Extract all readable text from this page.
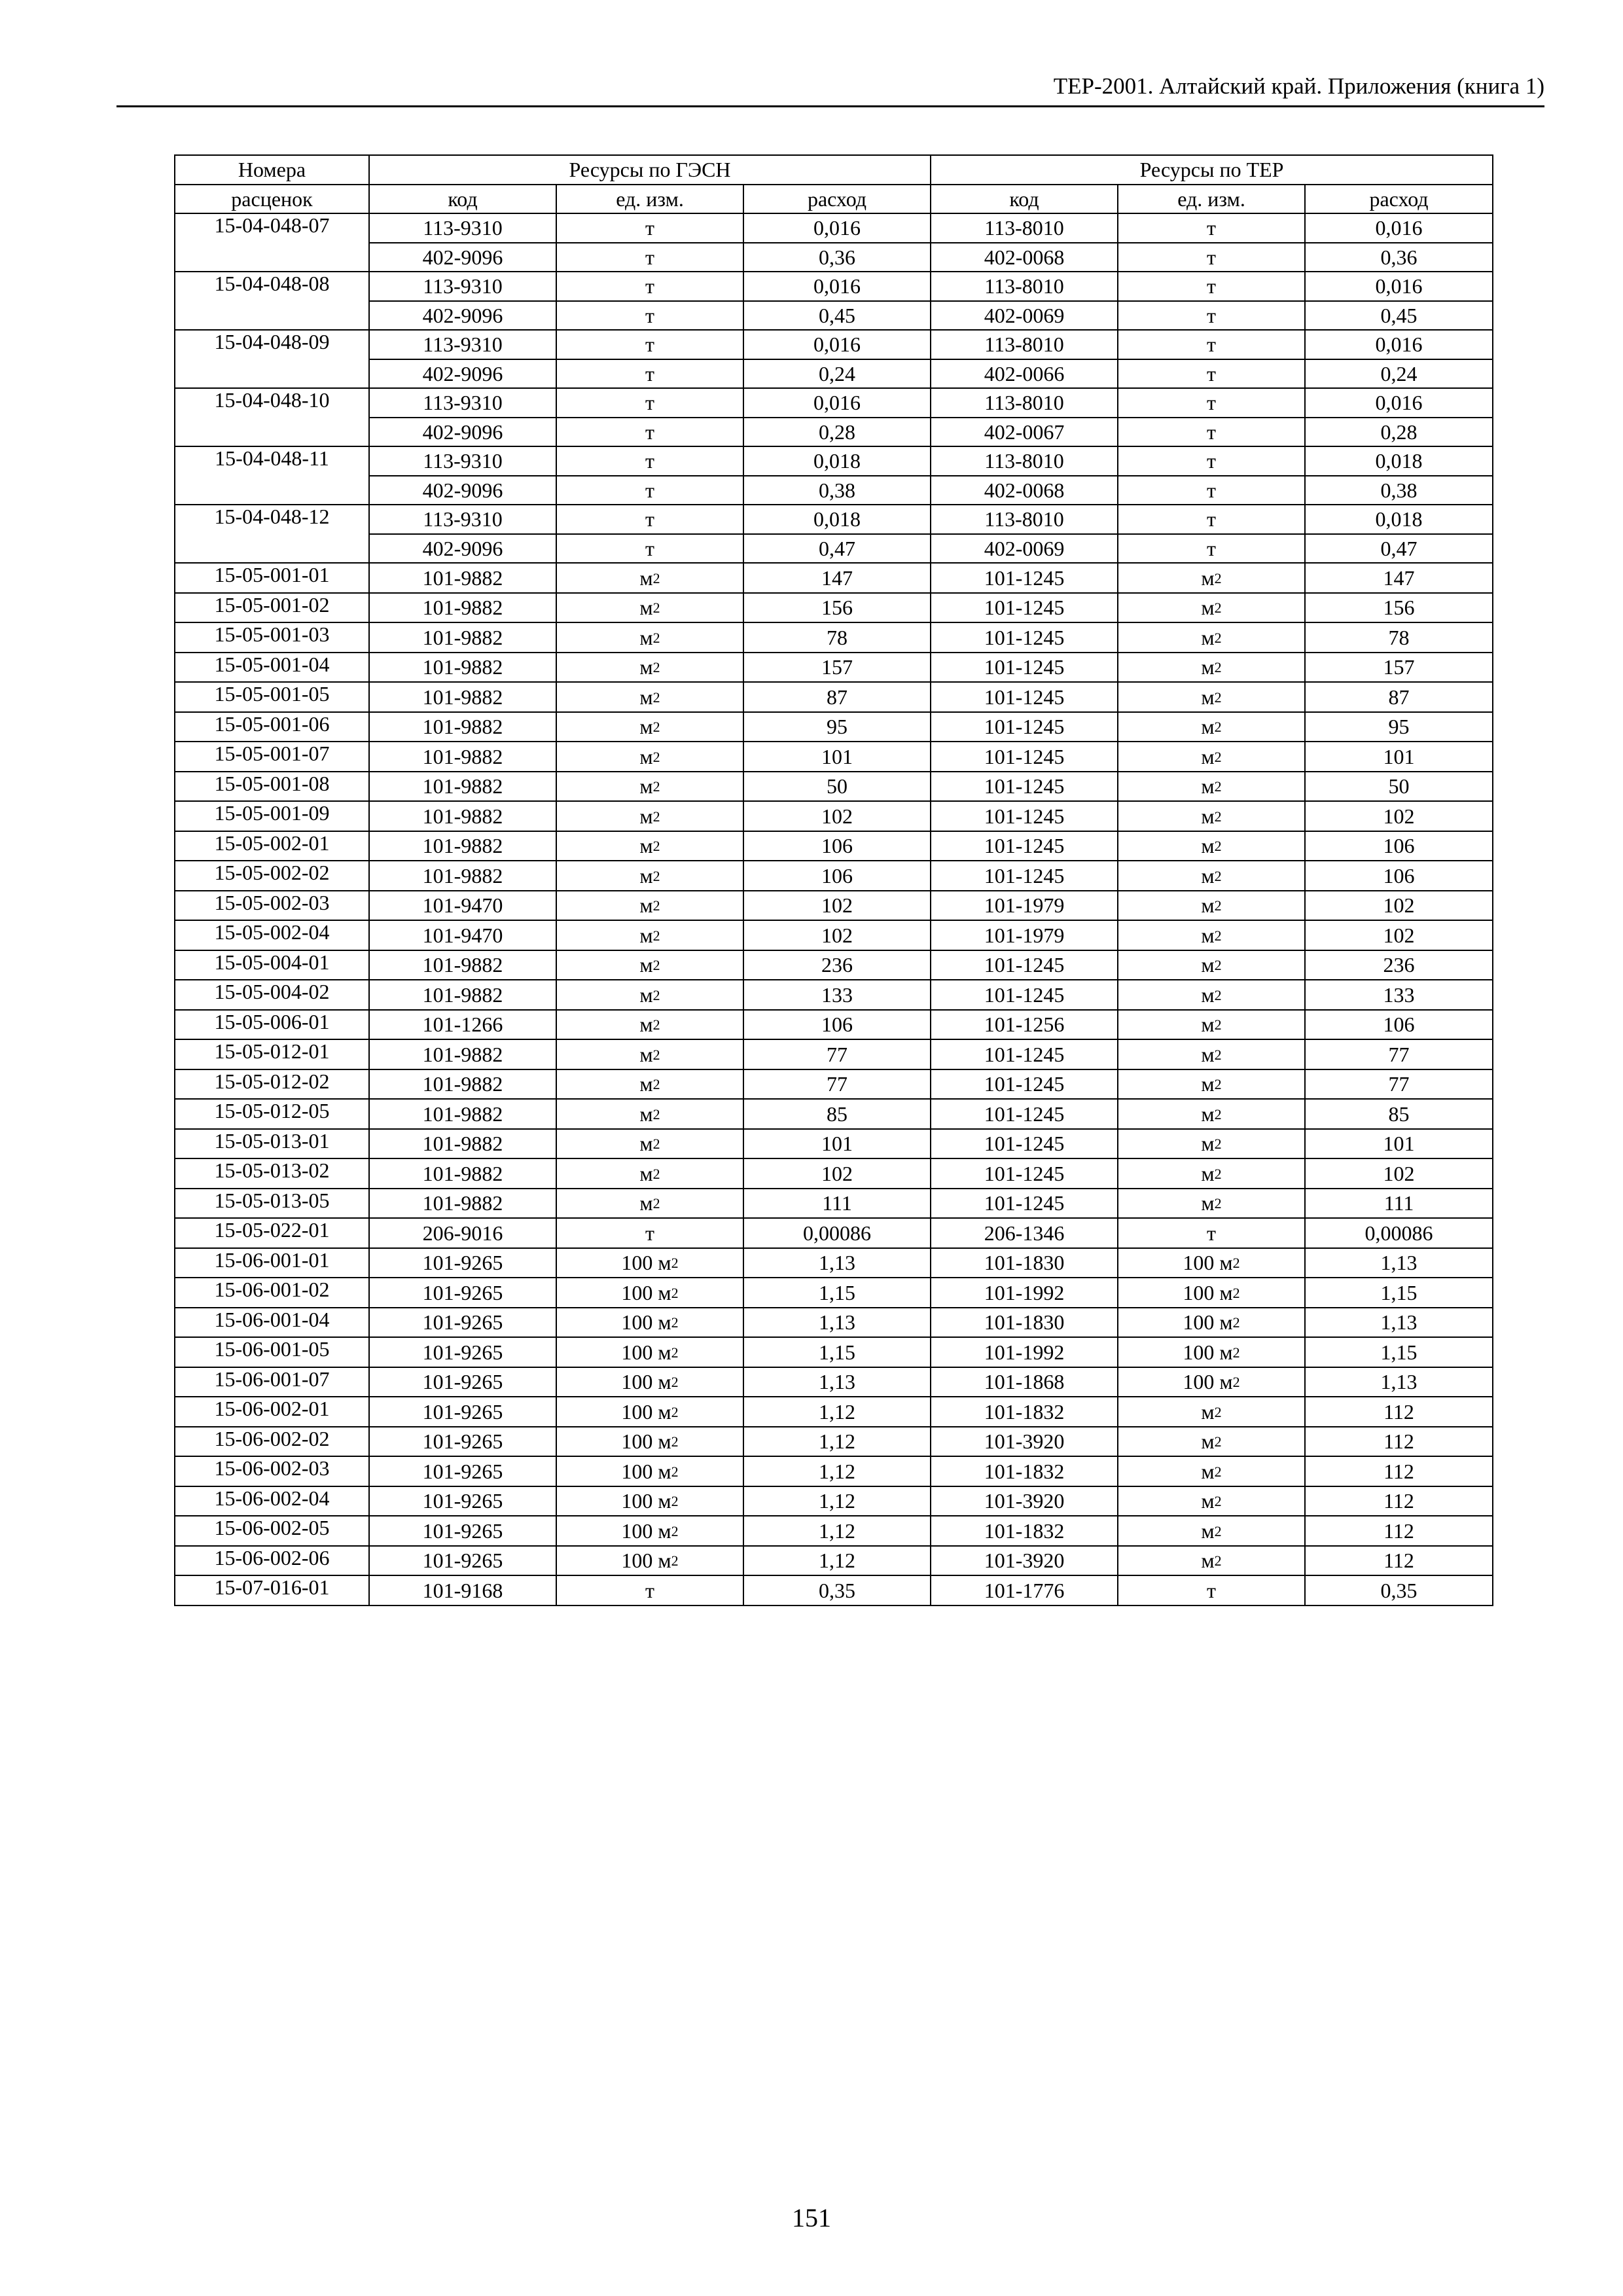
ТЕР-2001. Алтайский край. Приложения (книга 1)
Номера	Ресурсы по ГЭСН			Ресурсы по ТЕР		
расценок	код	ед. изм.	расход	код	ед. изм.	расход
15-04-048-07	113-9310	т	0,016	113-8010	т	0,016
	402-9096	т	0,36	402-0068	т	0,36
15-04-048-08	113-9310	т	0,016	113-8010	т	0,016
	402-9096	т	0,45	402-0069	т	0,45
15-04-048-09	113-9310	т	0,016	113-8010	т	0,016
	402-9096	т	0,24	402-0066	т	0,24
15-04-048-10	113-9310	т	0,016	113-8010	т	0,016
	402-9096	т	0,28	402-0067	т	0,28
15-04-048-11	113-9310	т	0,018	113-8010	т	0,018
	402-9096	т	0,38	402-0068	т	0,38
15-04-048-12	113-9310	т	0,018	113-8010	т	0,018
	402-9096	т	0,47	402-0069	т	0,47
15-05-001-01	101-9882	$м^2$	147	101-1245	$м^2$	147
15-05-001-02	101-9882	$м^2$	156	101-1245	$м^2$	156
15-05-001-03	101-9882	$м^2$	78	101-1245	$м^2$	78
15-05-001-04	101-9882	$м^2$	157	101-1245	$м^2$	157
15-05-001-05	101-9882	$м^2$	87	101-1245	$м^2$	87
15-05-001-06	101-9882	$м^2$	95	101-1245	$м^2$	95
15-05-001-07	101-9882	$м^2$	101	101-1245	$м^2$	101
15-05-001-08	101-9882	$м^2$	50	101-1245	$м^2$	50
15-05-001-09	101-9882	$м^2$	102	101-1245	$м^2$	102
15-05-002-01	101-9882	$м^2$	106	101-1245	$м^2$	106
15-05-002-02	101-9882	$м^2$	106	101-1245	$м^2$	106
15-05-002-03	101-9470	$м^2$	102	101-1979	$м^2$	102
15-05-002-04	101-9470	$м^2$	102	101-1979	$м^2$	102
15-05-004-01	101-9882	$м^2$	236	101-1245	$м^2$	236
15-05-004-02	101-9882	$м^2$	133	101-1245	$м^2$	133
15-05-006-01	101-1266	$м^2$	106	101-1256	$м^2$	106
15-05-012-01	101-9882	$м^2$	77	101-1245	$м^2$	77
15-05-012-02	101-9882	$м^2$	77	101-1245	$м^2$	77
15-05-012-05	101-9882	$м^2$	85	101-1245	$м^2$	85
15-05-013-01	101-9882	$м^2$	101	101-1245	$м^2$	101
15-05-013-02	101-9882	$м^2$	102	101-1245	$м^2$	102
15-05-013-05	101-9882	$м^2$	111	101-1245	$м^2$	111
15-05-022-01	206-9016	т	0,00086	206-1346	т	0,00086
15-06-001-01	101-9265	100 $м^2$	1,13	101-1830	100 $м^2$	1,13
15-06-001-02	101-9265	100 $м^2$	1,15	101-1992	100 $м^2$	1,15
15-06-001-04	101-9265	100 $м^2$	1,13	101-1830	100 $м^2$	1,13
15-06-001-05	101-9265	100 $м^2$	1,15	101-1992	100 $м^2$	1,15
15-06-001-07	101-9265	100 $м^2$	1,13	101-1868	100 $м^2$	1,13
15-06-002-01	101-9265	100 $м^2$	1,12	101-1832	$м^2$	112
15-06-002-02	101-9265	100 $м^2$	1,12	101-3920	$м^2$	112
15-06-002-03	101-9265	100 $м^2$	1,12	101-1832	$м^2$	112
15-06-002-04	101-9265	100 $м^2$	1,12	101-3920	$м^2$	112
15-06-002-05	101-9265	100 $м^2$	1,12	101-1832	$м^2$	112
15-06-002-06	101-9265	100 $м^2$	1,12	101-3920	$м^2$	112
15-07-016-01	101-9168	т	0,35	101-1776	т	0,35
151
